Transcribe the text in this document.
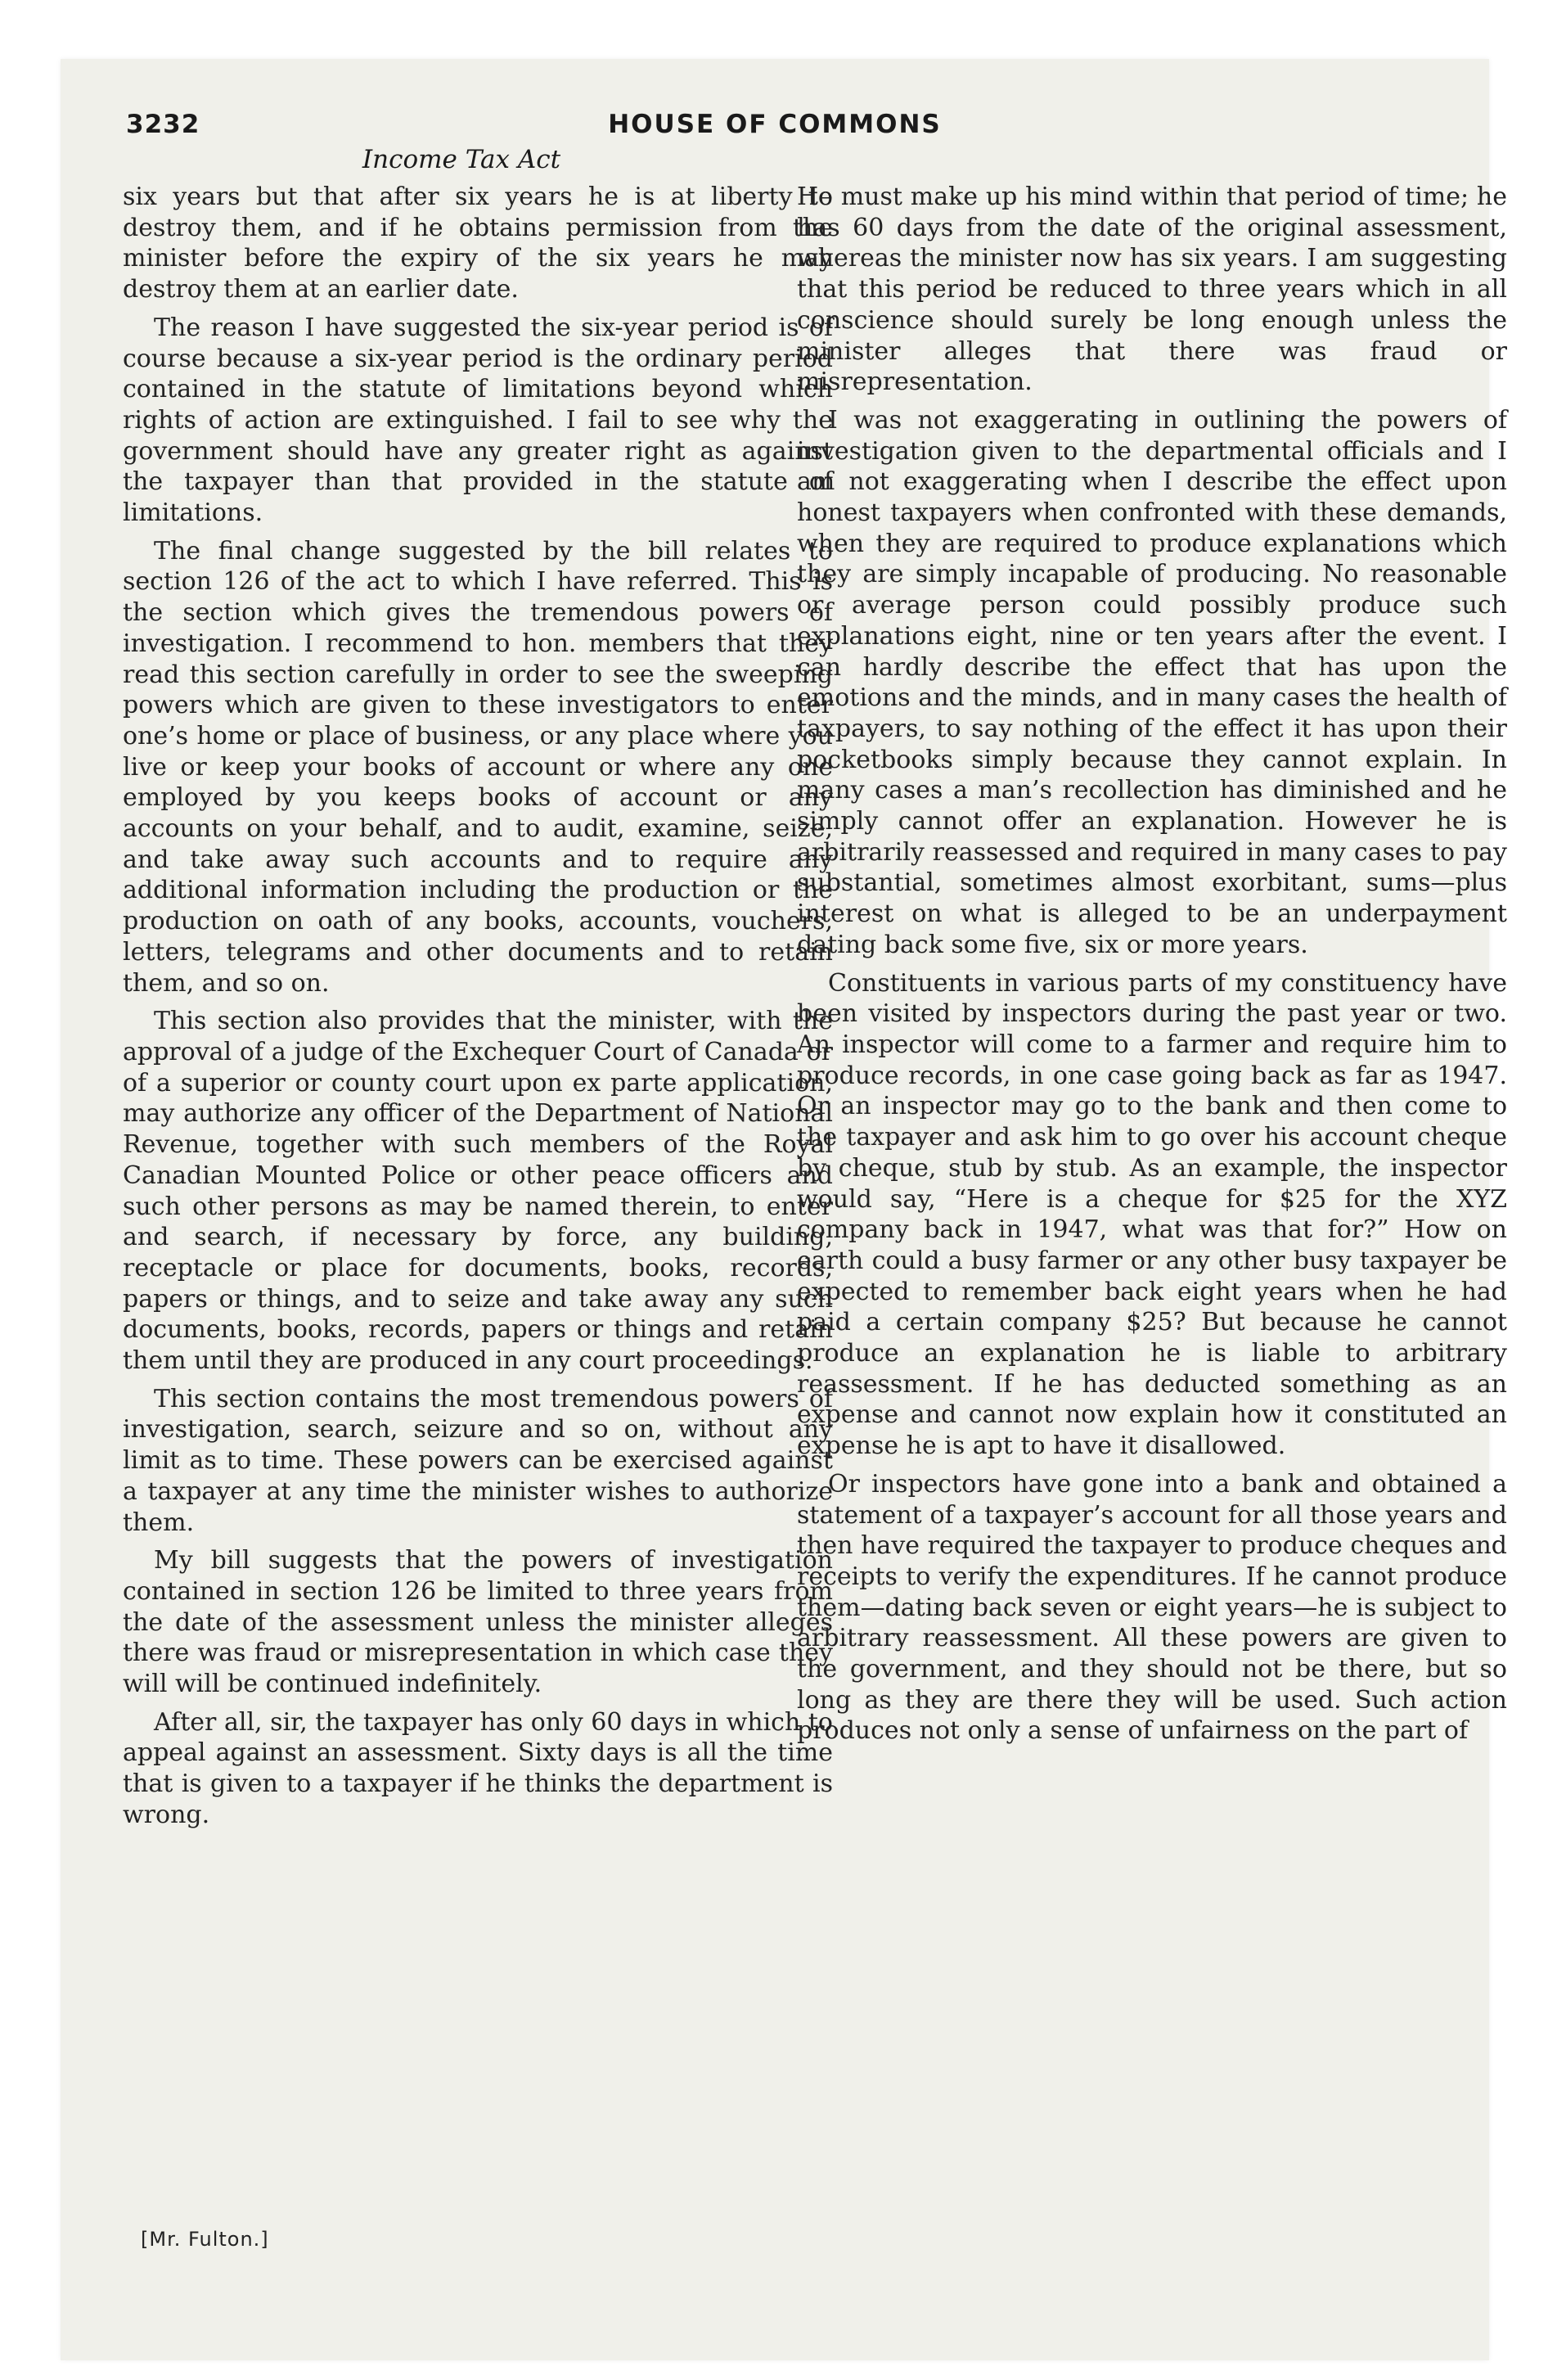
3232	HOUSE OF COMMONS
Income Tax Act

six years but that after six years he is at liberty to destroy them, and if he obtains permission from the minister before the expiry of the six years he may destroy them at an earlier date.

The reason I have suggested the six-year period is of course because a six-year period is the ordinary period contained in the statute of limitations beyond which rights of action are extinguished. I fail to see why the government should have any greater right as against the taxpayer than that provided in the statute of limitations.

The final change suggested by the bill relates to section 126 of the act to which I have referred. This is the section which gives the tremendous powers of investigation. I recommend to hon. members that they read this section carefully in order to see the sweeping powers which are given to these investigators to enter one’s home or place of business, or any place where you live or keep your books of account or where any one employed by you keeps books of account or any accounts on your behalf, and to audit, examine, seize, and take away such accounts and to require any additional information including the production or the production on oath of any books, accounts, vouchers, letters, telegrams and other documents and to retain them, and so on.

This section also provides that the minister, with the approval of a judge of the Exchequer Court of Canada or of a superior or county court upon ex parte application, may authorize any officer of the Department of National Revenue, together with such members of the Royal Canadian Mounted Police or other peace officers and such other persons as may be named therein, to enter and search, if necessary by force, any building, receptacle or place for documents, books, records, papers or things, and to seize and take away any such documents, books, records, papers or things and retain them until they are produced in any court proceedings.

This section contains the most tremendous powers of investigation, search, seizure and so on, without any limit as to time. These powers can be exercised against a taxpayer at any time the minister wishes to authorize them.

My bill suggests that the powers of investigation contained in section 126 be limited to three years from the date of the assessment unless the minister alleges there was fraud or misrepresentation in which case they will will be continued indefinitely.

After all, sir, the taxpayer has only 60 days in which to appeal against an assessment. Sixty days is all the time that is given to a taxpayer if he thinks the department is wrong.

He must make up his mind within that period of time; he has 60 days from the date of the original assessment, whereas the minister now has six years. I am suggesting that this period be reduced to three years which in all conscience should surely be long enough unless the minister alleges that there was fraud or misrepresentation.

I was not exaggerating in outlining the powers of investigation given to the departmental officials and I am not exaggerating when I describe the effect upon honest taxpayers when confronted with these demands, when they are required to produce explanations which they are simply incapable of producing. No reasonable or average person could possibly produce such explanations eight, nine or ten years after the event. I can hardly describe the effect that has upon the emotions and the minds, and in many cases the health of taxpayers, to say nothing of the effect it has upon their pocketbooks simply because they cannot explain. In many cases a man’s recollection has diminished and he simply cannot offer an explanation. However he is arbitrarily reassessed and required in many cases to pay substantial, sometimes almost exorbitant, sums—plus interest on what is alleged to be an underpayment dating back some five, six or more years.

Constituents in various parts of my constituency have been visited by inspectors during the past year or two. An inspector will come to a farmer and require him to produce records, in one case going back as far as 1947. Or an inspector may go to the bank and then come to the taxpayer and ask him to go over his account cheque by cheque, stub by stub. As an example, the inspector would say, “Here is a cheque for $25 for the XYZ company back in 1947, what was that for?” How on earth could a busy farmer or any other busy taxpayer be expected to remember back eight years when he had paid a certain company $25? But because he cannot produce an explanation he is liable to arbitrary reassessment. If he has deducted something as an expense and cannot now explain how it constituted an expense he is apt to have it disallowed.

Or inspectors have gone into a bank and obtained a statement of a taxpayer’s account for all those years and then have required the taxpayer to produce cheques and receipts to verify the expenditures. If he cannot produce them—dating back seven or eight years—he is subject to arbitrary reassessment. All these powers are given to the government, and they should not be there, but so long as they are there they will be used. Such action produces not only a sense of unfairness on the part of

[Mr. Fulton.]
